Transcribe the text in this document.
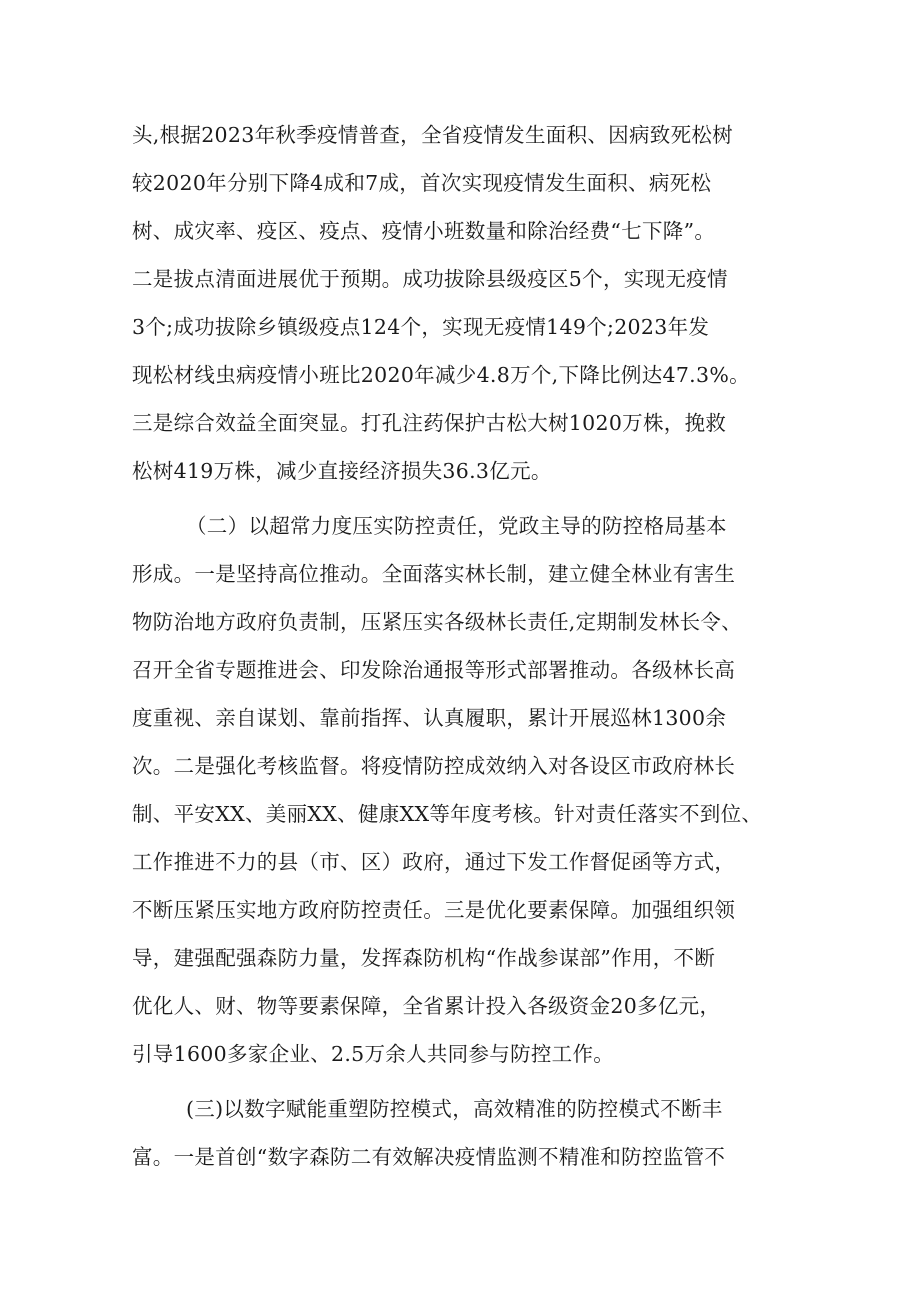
头,根据2023年秋季疫情普查，全省疫情发生面积、因病致死松树
较2020年分别下降4成和7成，首次实现疫情发生面积、病死松
树、成灾率、疫区、疫点、疫情小班数量和除治经费“七下降”。
二是拔点清面进展优于预期。成功拔除县级疫区5个，实现无疫情
3个;成功拔除乡镇级疫点124个，实现无疫情149个;2023年发
现松材线虫病疫情小班比2020年减少4.8万个,下降比例达47.3%。
三是综合效益全面突显。打孔注药保护古松大树1020万株，挽救
松树419万株，减少直接经济损失36.3亿元。
（二）以超常力度压实防控责任，党政主导的防控格局基本
形成。一是坚持高位推动。全面落实林长制，建立健全林业有害生
物防治地方政府负责制，压紧压实各级林长责任,定期制发林长令、
召开全省专题推进会、印发除治通报等形式部署推动。各级林长高
度重视、亲自谋划、靠前指挥、认真履职，累计开展巡林1300余
次。二是强化考核监督。将疫情防控成效纳入对各设区市政府林长
制、平安XX、美丽XX、健康XX等年度考核。针对责任落实不到位、
工作推进不力的县（市、区）政府，通过下发工作督促函等方式，
不断压紧压实地方政府防控责任。三是优化要素保障。加强组织领
导，建强配强森防力量，发挥森防机构“作战参谋部”作用，不断
优化人、财、物等要素保障，全省累计投入各级资金20多亿元，
引导1600多家企业、2.5万余人共同参与防控工作。
(三)以数字赋能重塑防控模式，高效精准的防控模式不断丰
富。一是首创“数字森防二有效解决疫情监测不精准和防控监管不
